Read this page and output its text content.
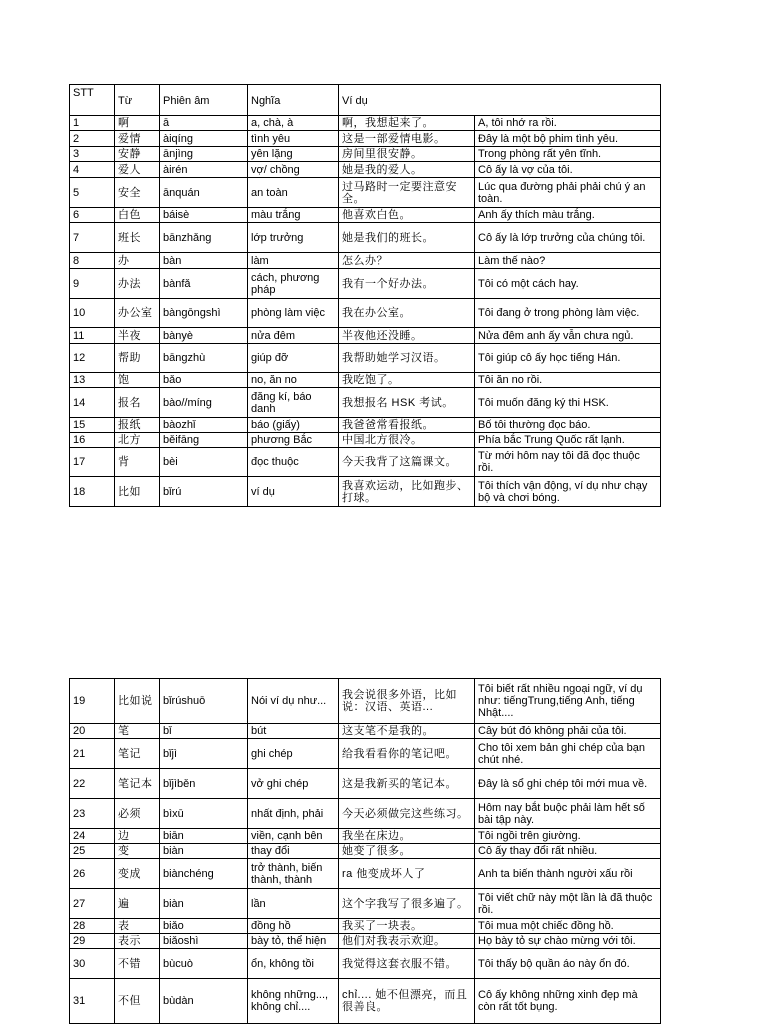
STT	Từ	Phiên âm	Nghĩa	Ví dụ	
1	啊	ā	a, chà, à	啊，我想起来了。	A, tôi nhớ ra rồi.
2	爱情	àiqíng	tình yêu	这是一部爱情电影。	Đây là một bộ phim tình yêu.
3	安静	ānjìng	yên lặng	房间里很安静。	Trong phòng rất yên tĩnh.
4	爱人	àirén	vợ/ chồng	她是我的爱人。	Cô ấy là vợ của tôi.
5	安全	ānquán	an toàn	过马路时一定要注意安全。	Lúc qua đường phải phải chú ý an toàn.
6	白色	báisè	màu trắng	他喜欢白色。	Anh ấy thích màu trắng.
7	班长	bānzhǎng	lớp trưởng	她是我们的班长。	Cô ấy là lớp trưởng của chúng tôi.
8	办	bàn	làm	怎么办？	Làm thế nào?
9	办法	bànfǎ	cách, phương pháp	我有一个好办法。	Tôi có một cách hay.
10	办公室	bàngōngshì	phòng làm việc	我在办公室。	Tôi đang ở trong phòng làm việc.
11	半夜	bànyè	nửa đêm	半夜他还没睡。	Nửa đêm anh ấy vẫn chưa ngủ.
12	帮助	bāngzhù	giúp đỡ	我帮助她学习汉语。	Tôi giúp cô ấy học tiếng Hán.
13	饱	bǎo	no, ăn no	我吃饱了。	Tôi ăn no rồi.
14	报名	bào//míng	đăng kí, báo danh	我想报名 HSK 考试。	Tôi muốn đăng ký thi HSK.
15	报纸	bàozhǐ	báo (giấy)	我爸爸常看报纸。	Bố tôi thường đọc báo.
16	北方	běifāng	phương Bắc	中国北方很冷。	Phía bắc Trung Quốc rất lạnh.
17	背	bèi	đọc thuộc	今天我背了这篇课文。	Từ mới hôm nay tôi đã đọc thuộc rồi.
18	比如	bǐrú	ví dụ	我喜欢运动，比如跑步、打球。	Tôi thích vận động, ví dụ như chạy bộ và chơi bóng.
19	比如说	bǐrúshuō	Nói ví dụ như...	我会说很多外语，比如说：汉语、英语...	Tôi biết rất nhiều ngoại ngữ, ví dụ như: tiếngTrung,tiếng Anh, tiếng Nhật....
20	笔	bǐ	bút	这支笔不是我的。	Cây bút đó không phải của tôi.
21	笔记	bǐjì	ghi chép	给我看看你的笔记吧。	Cho tôi xem bản ghi chép của bạn chút nhé.
22	笔记本	bǐjìběn	vở ghi chép	这是我新买的笔记本。	Đây là sổ ghi chép tôi mới mua về.
23	必须	bìxū	nhất định, phải	今天必须做完这些练习。	Hôm nay bắt buộc phải làm hết số bài tập này.
24	边	biān	viền, cạnh bên	我坐在床边。	Tôi ngồi trên giường.
25	变	biàn	thay đổi	她变了很多。	Cô ấy thay đổi rất nhiều.
26	变成	biànchéng	trở thành, biến thành, thành	ra 他变成坏人了	Anh ta biến thành người xấu rồi
27	遍	biàn	lần	这个字我写了很多遍了。	Tôi viết chữ này một lần là đã thuộc rồi.
28	表	biǎo	đồng hồ	我买了一块表。	Tôi mua một chiếc đồng hồ.
29	表示	biǎoshì	bày tỏ, thể hiện	他们对我表示欢迎。	Họ bày tỏ sự chào mừng với tôi.
30	不错	bùcuò	ổn, không tồi	我觉得这套衣服不错。	Tôi thấy bộ quần áo này ổn đó.
31	不但	bùdàn	không những..., không chỉ....	chỉ.... 她不但漂亮，而且很善良。	Cô ấy không những xinh đẹp mà còn rất tốt bụng.
